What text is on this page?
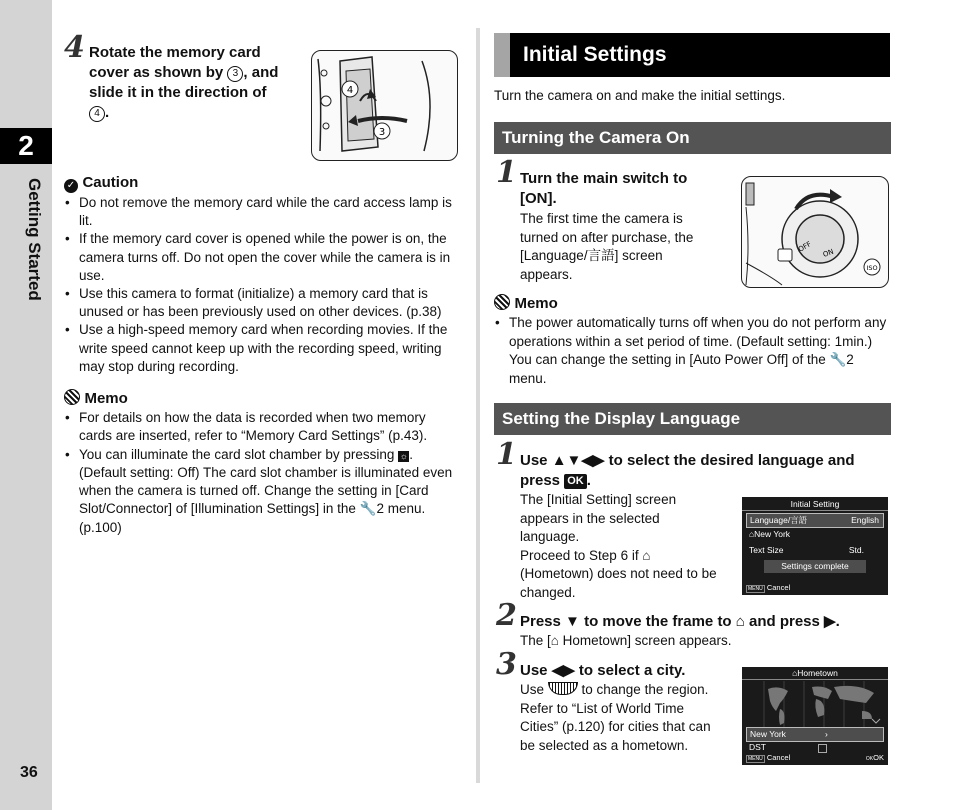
2
Getting Started
36
4 Rotate the memory card
cover as shown by 3 , and
slide it in the direction of
4 .
4
3
✓ Caution
• Do not remove the memory card while the card access lamp is lit.
• If the memory card cover is opened while the power is on, the camera turns off. Do not open the cover while the camera is in use.
• Use this camera to format (initialize) a memory card that is unused or has been previously used on other devices. (p.38)
• Use a high-speed memory card when recording movies. If the write speed cannot keep up with the recording speed, writing may stop during recording.
Memo
• For details on how the data is recorded when two memory cards are inserted, refer to “Memory Card Settings” (p.43).
• You can illuminate the card slot chamber by pressing ☼. (Default setting: Off) The card slot chamber is illuminated even when the camera is turned off. Change the setting in [Card Slot/Connector] of [Illumination Settings] in the 🔧2 menu. (p.100)
Initial Settings
Turn the camera on and make the initial settings.
Turning the Camera On
1 Turn the main switch to
[ON].
The first time the camera is
turned on after purchase, the
[Language/言語] screen
appears.
OFF ON
ISO
Memo
• The power automatically turns off when you do not perform any operations within a set period of time. (Default setting: 1min.) You can change the setting in [Auto Power Off] of the 🔧2 menu.
Setting the Display Language
1 Use ▲▼◀▶ to select the desired language and
press OK .
The [Initial Setting] screen
appears in the selected
language.
Proceed to Step 6 if ⌂
(Hometown) does not need to be
changed.
Initial Setting
Language/言語	English
⌂New York
Text Size	Std.
Settings complete
MENU Cancel
2 Press ▼ to move the frame to ⌂ and press ▶.
The [⌂ Hometown] screen appears.
3 Use ◀▶ to select a city.
Use  to change the region.
Refer to “List of World Time
Cities” (p.120) for cities that can
be selected as a hometown.
⌂Hometown
New York	›
DST
MENU Cancel	OKOK
